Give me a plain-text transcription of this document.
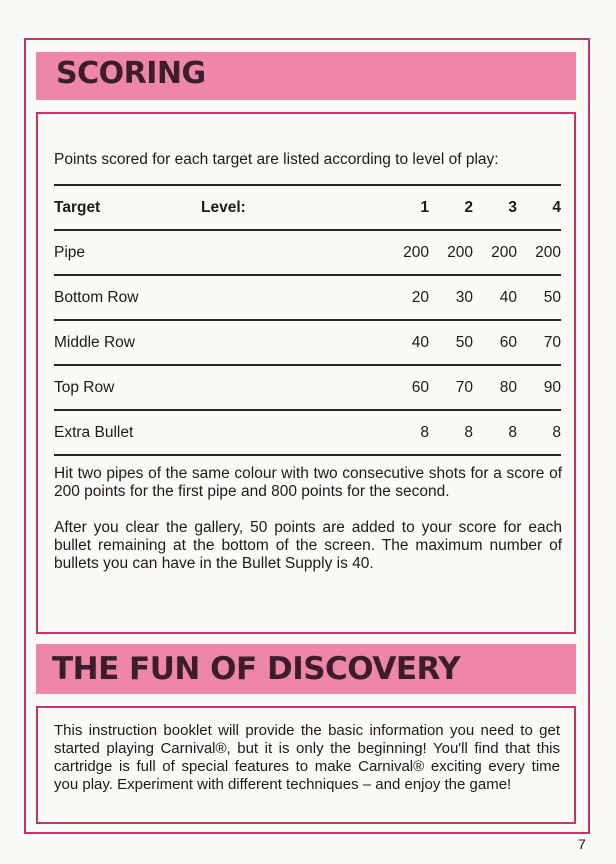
SCORING
Points scored for each target are listed according to level of play:
Target	Level:	1	2	3	4
Pipe		200	200	200	200
Bottom Row		20	30	40	50
Middle Row		40	50	60	70
Top Row		60	70	80	90
Extra Bullet		8	8	8	8

Hit two pipes of the same colour with two consecutive shots for a score of 200 points for the first pipe and 800 points for the second.

After you clear the gallery, 50 points are added to your score for each bullet remaining at the bottom of the screen. The maximum number of bullets you can have in the Bullet Supply is 40.

THE FUN OF DISCOVERY

This instruction booklet will provide the basic information you need to get started playing Carnival®, but it is only the beginning! You'll find that this cartridge is full of special features to make Carnival® exciting every time you play. Experiment with different techniques – and enjoy the game!

7
